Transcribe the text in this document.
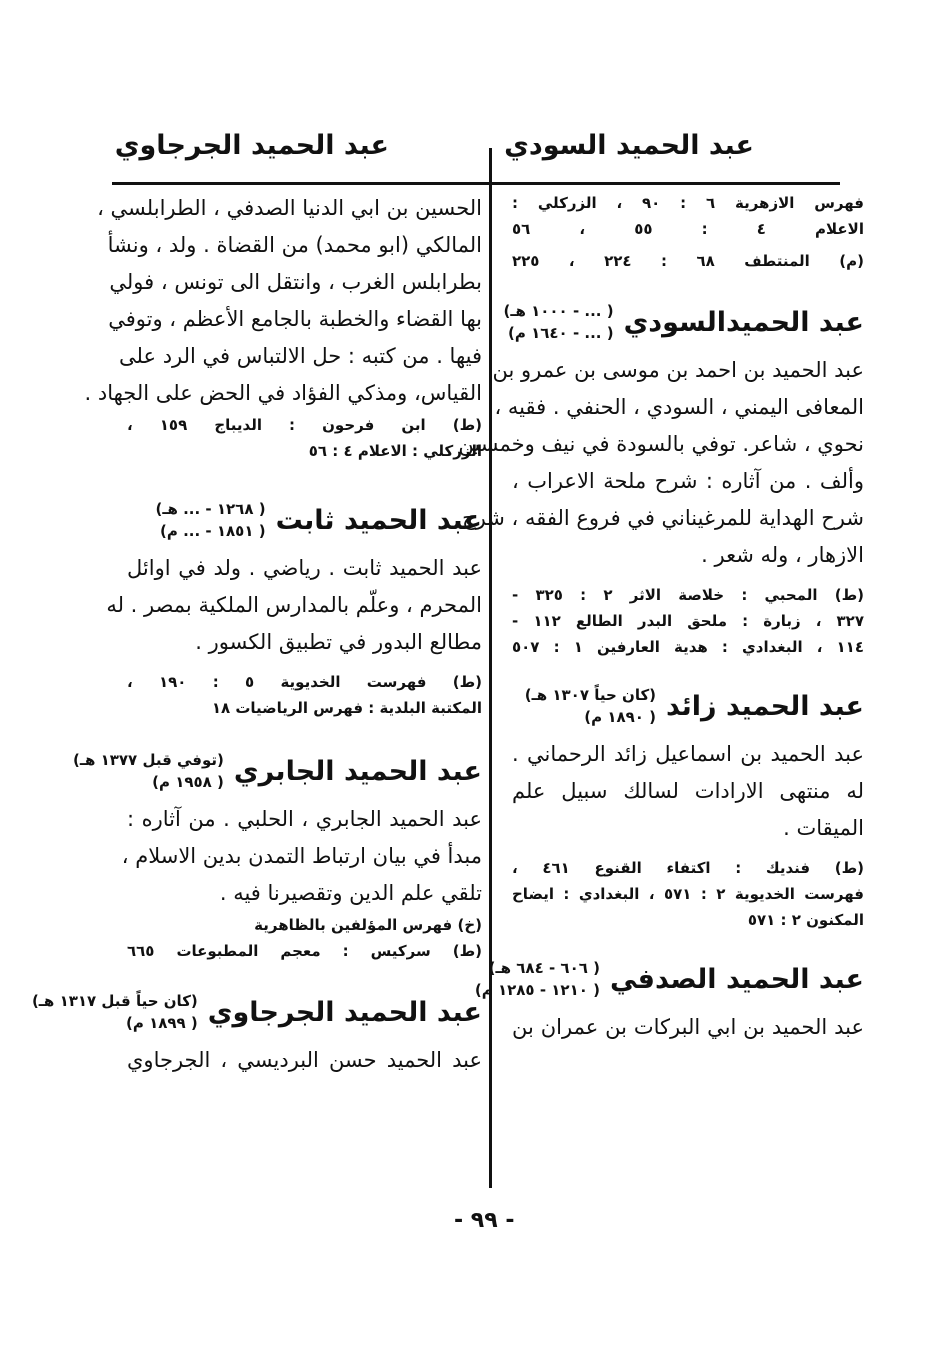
عبد الحميد السودي
عبد الحميد الجرجاوي
فهرس الازهرية ٦ : ٩٠ ، الزركلي :
الاعلام ٤ : ٥٥ ، ٥٦
(م) المنتطف ٦٨ : ٢٢٤ ، ٢٢٥
عبد الحميدالسودي
( ... - ١٠٠٠ هـ)
( ... - ١٦٤٠ م)
عبد الحميد بن احمد بن موسى بن عمرو بن
المعافى اليمني ، السودي ، الحنفي . فقيه ،
نحوي ، شاعر. توفي بالسودة في نيف وخمسين
وألف . من آثاره : شرح ملحة الاعراب ،
شرح الهداية للمرغيناني في فروع الفقه ، شرح
الازهار ، وله شعر .
(ط) المحبي : خلاصة الاثر ٢ : ٣٢٥ -
٣٢٧ ، زبارة : ملحق البدر الطالع ١١٢ -
١١٤ ، البغدادي : هدية العارفين ١ : ٥٠٧
عبد الحميد زائد
(كان حياً ١٣٠٧ هـ)
( ١٨٩٠ م)
عبد الحميد بن اسماعيل زائد الرحماني .
له منتهى الارادات لسالك سبيل علم
الميقات .
(ط) فنديك : اكتفاء القنوع ٤٦١ ،
فهرست الخديوية ٢ : ٥٧١ ، البغدادي : ايضاح
المكنون ٢ : ٥٧١
عبد الحميد الصدفي
( ٦٠٦ - ٦٨٤ هـ)
( ١٢١٠ - ١٢٨٥ م)
عبد الحميد بن ابي البركات بن عمران بن
الحسين بن ابي الدنيا الصدفي ، الطرابلسي ،
المالكي (ابو محمد) من القضاة . ولد ، ونشأ
بطرابلس الغرب ، وانتقل الى تونس ، فولي
بها القضاء والخطبة بالجامع الأعظم ، وتوفي
فيها . من كتبه : حل الالتباس في الرد على
القياس، ومذكي الفؤاد في الحض على الجهاد .
(ط) ابن فرحون : الديباج ١٥٩ ،
الزركلي : الاعلام ٤ : ٥٦
عبد الحميد ثابت
( ١٢٦٨ - ... هـ)
( ١٨٥١ - ... م)
عبد الحميد ثابت . رياضي . ولد في اوائل
المحرم ، وعلّم بالمدارس الملكية بمصر . له
مطالع البدور في تطبيق الكسور .
(ط) فهرست الخديوية ٥ : ١٩٠ ،
المكتبة البلدية : فهرس الرياضيات ١٨
عبد الحميد الجابري
(توفي قبل ١٣٧٧ هـ)
( ١٩٥٨ م)
عبد الحميد الجابري ، الحلبي . من آثاره :
مبدأ في بيان ارتباط التمدن بدين الاسلام ،
تلقي علم الدين وتقصيرنا فيه .
(خ) فهرس المؤلفين بالظاهرية
(ط) سركيس : معجم المطبوعات ٦٦٥
عبد الحميد الجرجاوي
(كان حياً قبل ١٣١٧ هـ)
( ١٨٩٩ م)
عبد الحميد حسن البرديسي ، الجرجاوي
- ٩٩ -
